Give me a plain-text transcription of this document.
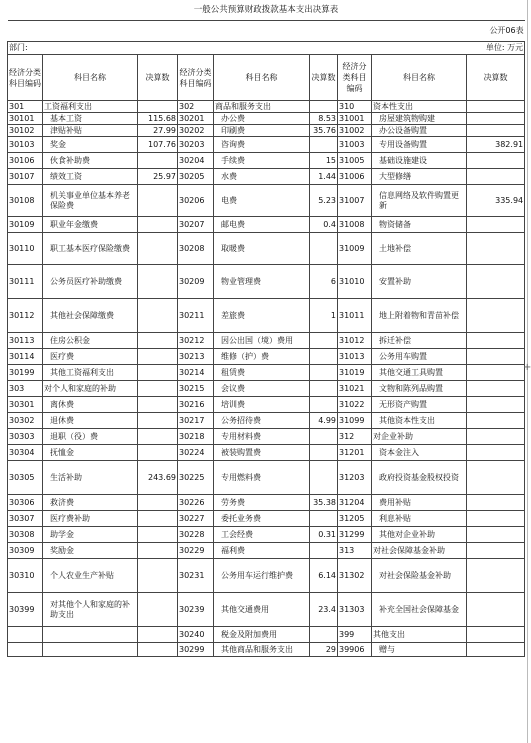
一般公共预算财政拨款基本支出决算表								
公开06表								
部门:						单位: 万元		
经济分类科目编码	科目名称	决算数	经济分类科目编码	科目名称	决算数	经济分类科目编码	科目名称	决算数
301	工资福利支出		302	商品和服务支出		310	资本性支出	
30101	基本工资	115.68	30201	办公费	8.53	31001	房屋建筑物购建	
30102	津贴补贴	27.99	30202	印刷费	35.76	31002	办公设备购置	
30103	奖金	107.76	30203	咨询费		31003	专用设备购置	382.91
30106	伙食补助费		30204	手续费	15	31005	基础设施建设	
30107	绩效工资	25.97	30205	水费	1.44	31006	大型修缮	
30108	机关事业单位基本养老保险费		30206	电费	5.23	31007	信息网络及软件购置更新	335.94
30109	职业年金缴费		30207	邮电费	0.4	31008	物资储备	
30110	职工基本医疗保险缴费		30208	取暖费		31009	土地补偿	
30111	公务员医疗补助缴费		30209	物业管理费	6	31010	安置补助	
30112	其他社会保障缴费		30211	差旅费	1	31011	地上附着物和青苗补偿	
30113	住房公积金		30212	因公出国（境）费用		31012	拆迁补偿	
30114	医疗费		30213	维修（护）费		31013	公务用车购置	
30199	其他工资福利支出		30214	租赁费		31019	其他交通工具购置	
303	对个人和家庭的补助		30215	会议费		31021	文物和陈列品购置	
30301	离休费		30216	培训费		31022	无形资产购置	
30302	退休费		30217	公务招待费	4.99	31099	其他资本性支出	
30303	退职（役）费		30218	专用材料费		312	对企业补助	
30304	抚恤金		30224	被装购置费		31201	资本金注入	
30305	生活补助	243.69	30225	专用燃料费		31203	政府投资基金股权投资	
30306	救济费		30226	劳务费	35.38	31204	费用补贴	
30307	医疗费补助		30227	委托业务费		31205	利息补贴	
30308	助学金		30228	工会经费	0.31	31299	其他对企业补助	
30309	奖励金		30229	福利费		313	对社会保障基金补助	
30310	个人农业生产补贴		30231	公务用车运行维护费	6.14	31302	对社会保险基金补助	
30399	对其他个人和家庭的补助支出		30239	其他交通费用	23.4	31303	补充全国社会保障基金	
			30240	税金及附加费用		399	其他支出	
			30299	其他商品和服务支出	29	39906	赠与	
+
